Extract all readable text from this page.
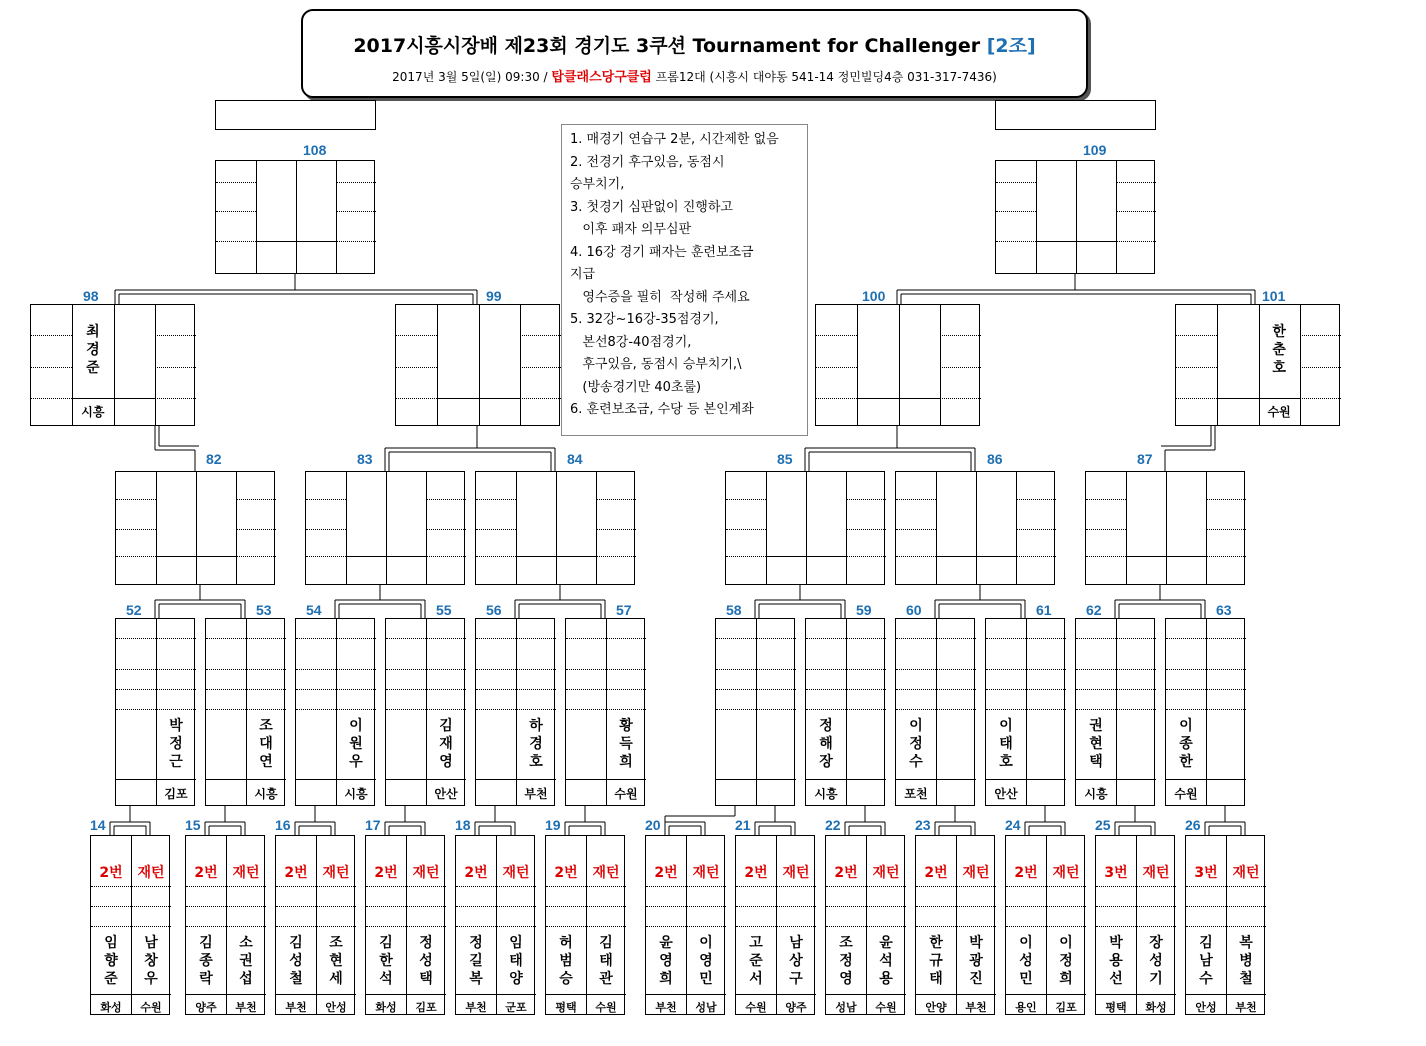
2017시흥시장배 제23회 경기도 3쿠션 Tournament for Challenger [2조]
2017년 3월 5일(일) 09:30 / 탑클래스당구클럽 프롬12대 (시흥시 대야동 541-14 정민빌딩4층 031-317-7436)
1. 매경기 연습구 2분, 시간제한 없음
2. 전경기 후구있음, 동점시
승부치기,
3. 첫경기 심판없이 진행하고
이후 패자 의무심판
4. 16강 경기 패자는 훈련보조금
지급
영수증을 필히  작성해 주세요
5. 32강~16강-35점경기,
본선8강-40점경기,
후구있음, 동점시 승부치기,\
(방송경기만 40초룰)
6. 훈련보조금, 수당 등 본인계좌
108	109
최경준
시흥
98	99	100
한춘호
수원
101
82	83	84	85	86	87
박정근
김포
52
조대연
시흥
53
이원우
시흥
54
김재영
안산
55
하경호
부천
56
황득희
수원
57	58
정해장
시흥
59
이정수
포천
60
이태호
안산
61
권현택
시흥
62
이종한
수원
63
2번	재턴
임향준
화성
남창우
수원
14
2번	재턴
김종락
양주
소권섭
부천
15
2번	재턴
김성철
부천
조현세
안성
16
2번	재턴
김한석
화성
정성택
김포
17
2번	재턴
정길복
부천
임태양
군포
18
2번	재턴
허범승
평택
김태관
수원
19
2번	재턴
윤영희
부천
이영민
성남
20
2번	재턴
고준서
수원
남상구
양주
21
2번	재턴
조정영
성남
윤석용
수원
22
2번	재턴
한규태
안양
박광진
부천
23
2번	재턴
이성민
용인
이정희
김포
24
3번	재턴
박용선
평택
장성기
화성
25
3번	재턴
김남수
안성
복병철
부천
26
